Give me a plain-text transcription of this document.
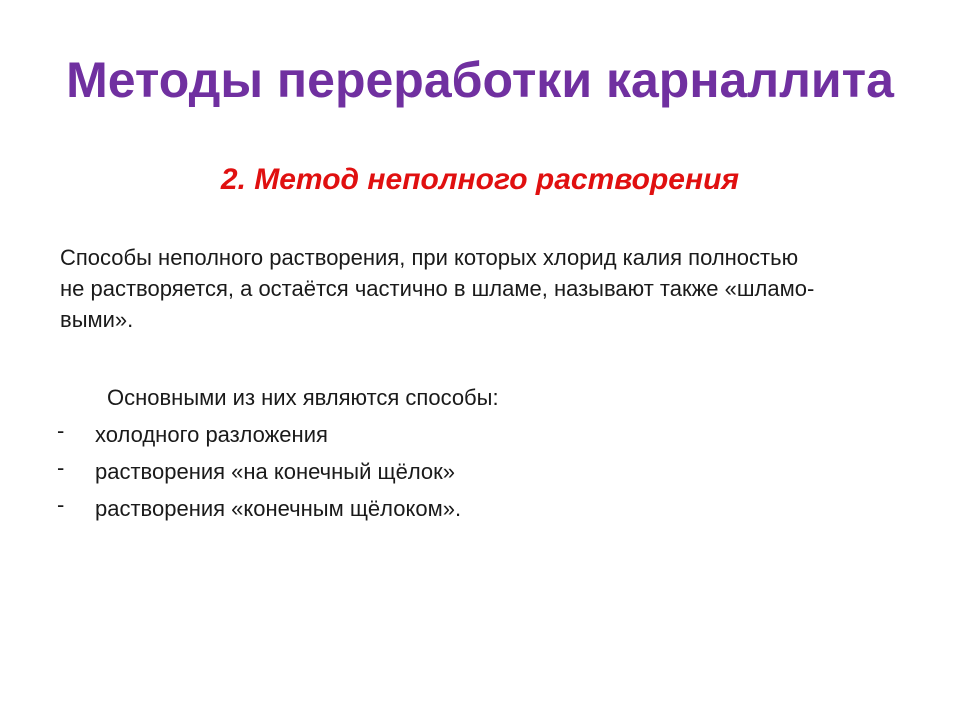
Методы переработки карналлита
2. Метод неполного растворения

Способы неполного растворения, при которых хлорид калия полностью
не растворяется, а остаётся частично в шламе, называют также «шламо-
выми».

Основными из них являются способы:

-	холодного разложения
-	растворения «на конечный щёлок»
-	растворения «конечным щёлоком».
